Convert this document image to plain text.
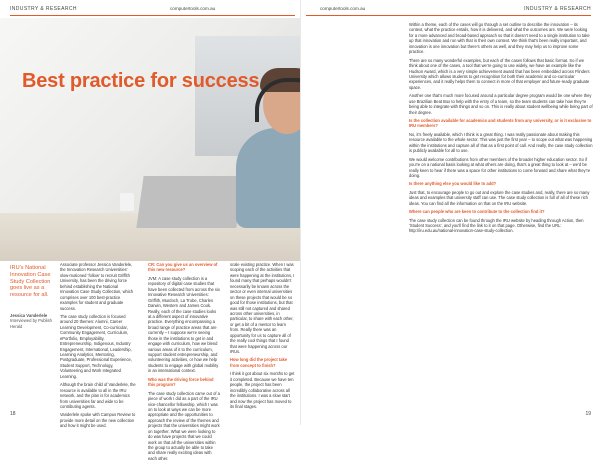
INDUSTRY & RESEARCH	computertools.com.au
Best practice for success
IRU’s National Innovation Case Study Collection goes live as a resource for all.
Jessica Vanderlele
Interviewed by Publish Herald

Associate professor Jessica Vanderlele, the Innovation Research Universities’ slow-motioned ‘follow’ to recruit Griffith University, has been the driving force behind establishing the National Innovation Case Study Collection, which comprises over 100 best-practice examples for student and graduate success.

The case study collection is focused around 20 themes: Alumni, Career Learning Development, Co-curricular, Community Engagement, Curriculum, ePortfolio, Employability, Entrepreneurship, Indigenous, Industry Engagement, International, Leadership, Learning Analytics, Mentoring, Postgraduate, Professional Experience, Student Support, Technology, Volunteering and Work Integrated Learning.

Although the brain child of Vanderlele, the resource is available to all in the IRU network, and the plan is for academics from universities far and wide to be contributing agents.

Vanderlele spoke with Campus Review to provide more detail on the new collection and how it might be used.

CR: Can you give us an overview of this new resource?

JVM: A case study collection is a repository of digital case studies that have been collected from across the six Innovative Research Universities: Griffith, Murdoch, La Trobe, Charles Darwin, Western and James Cook. Really, each of the case studies looks at a different aspect of innovative practice. Everything encompassing a broad range of practice areas that are currently – I suppose we’re seeing those in the institutions to get in and engage with curriculum, how we blend various areas of it to the curriculum, support student entrepreneurship, and volunteering activities, or how we help students to engage with global mobility in an international context.

Who was the driving force behind this program?

The case study collection came out of a piece of work I did as a part of the IRU vice-chancellor fellowship, which I was on to look at ways we can be more appropriate and the opportunities to approach the review of the themes and projects that the universities might work on together. What we were looking to do was have projects that we could work on that all the universities within the group to actually be able to take and share really exciting ideas with each other.

scale existing practice. When I was scoping each of the activities that were happening at the institutions, I found many that perhaps wouldn’t necessarily be known across the sector or even internal universities on these projects that would be so good for those institutions, but that was still not captured and shared across other universities, in particular, to share with each other, or get a bit of a mentor to learn from. Really there was an opportunity for us to capture all of the really cool things that I found that were happening across our IRUs.

How long did the project take from concept to finish?

I think it got about six months to get it completed. Because we have ten people, the project has been incredibly collaborative across all the institutions. I was a slow start and now the project has moved to its final stages.

18
computertools.com.au	INDUSTRY & RESEARCH

Within a theme, each of the cases will go through a set outline to describe the innovation – its context, what the practice entails, how it is delivered, and what the outcomes are. We were looking for a more advanced and broad-based approach so that it doesn’t need to a single institution to take up that innovation and run with that in their own context. We think that’s been really important, and innovation is one innovation but there’s others as well, and they may help us to improve some practice.

There are so many wonderful examples, but each of the cases follows that basic format. So if we think about one of the cases, a tool that we’re going to use widely, we have an example like the Hudson Award, which is a very simple achievement award that has been embedded across Flinders University which allows students to get recognition for both their academic and co-curricular experiences, and it really helps them to connect in more of that employer and future-ready graduate space.

Another one that’s much more focused around a particular degree program would be one where they use Brazilian Beat Box to help with the entry of a team, so the team students can take how they’re being able to integrate with things and so on. This is really about student wellbeing while being part of their degree.

Is the collection available for academics and students from any university, or is it exclusive to IRU members?

No, it’s freely available, which I think is a great thing. I was really passionate about making this resource available to the whole sector. This was just the first year – to scope out what was happening within the institutions and capture all of that as a first point of call. And really, the case study collection is publicly available for all to use.

We would welcome contributions from other members of the broader higher education sector. So if you’re on a national basis looking at what others are doing, that’s a great thing to look at – we’d be really keen to hear if there was a space for other institutions to come forward and share what they’re doing.

Is there anything else you would like to add?

Just that, to encourage people to go out and explore the case studies and, really, there are so many ideas and examples that university staff can use. The case study collection is full of all of these rich ideas. You can find all the information on that on the IRU website.

Where can people who are keen to contribute to the collection find it?

The case study collection can be found through the IRU website by heading through Action, then ‘Student Success’, and you’ll find the link to it on that page. Otherwise, find the URL: http://iru.edu.au/national-innovation-case-study-collection.

19
